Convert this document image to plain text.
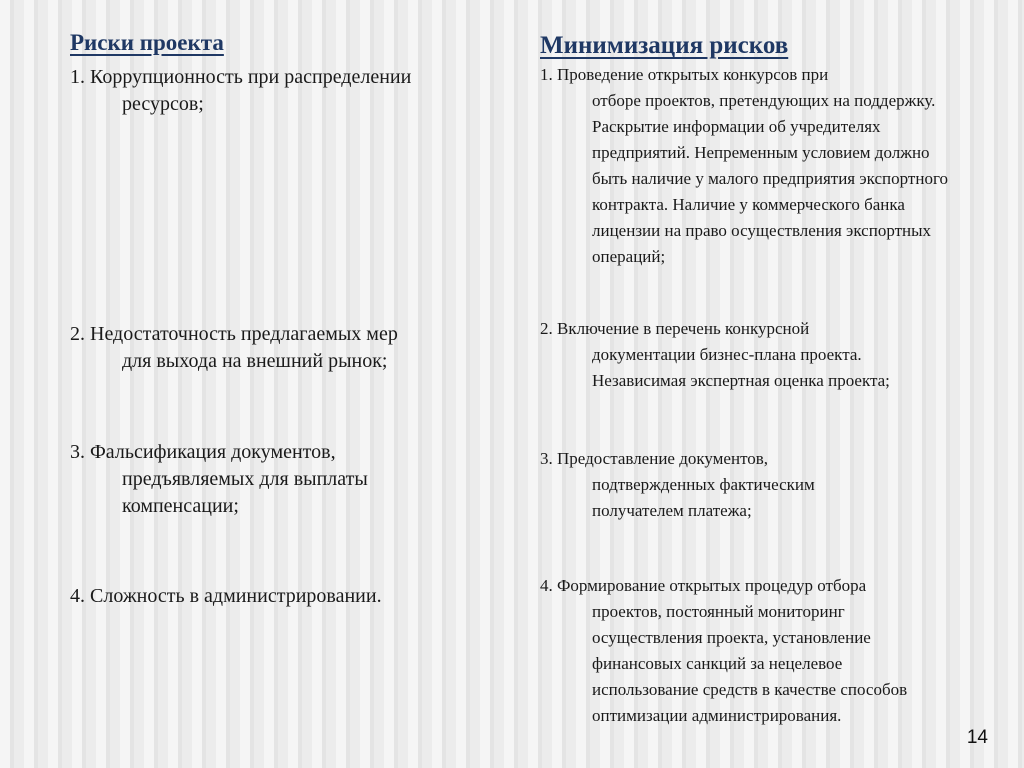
Риски проекта

1. Коррупционность при распределении
ресурсов;

2. Недостаточность предлагаемых мер
для выхода на внешний рынок;

3. Фальсификация документов,
предъявляемых для выплаты компенсации;

4. Сложность в администрировании.

Минимизация рисков

1. Проведение открытых конкурсов при
отборе проектов, претендующих на поддержку. Раскрытие информации об учредителях предприятий. Непременным условием должно быть наличие у малого предприятия экспортного контракта. Наличие у коммерческого банка лицензии на право осуществления экспортных операций;

2. Включение в перечень конкурсной
документации бизнес-плана проекта. Независимая экспертная оценка проекта;

3. Предоставление документов,
подтвержденных фактическим получателем платежа;

4. Формирование открытых процедур отбора
проектов, постоянный мониторинг осуществления проекта, установление финансовых санкций за нецелевое использование средств в качестве способов оптимизации администрирования.

14
